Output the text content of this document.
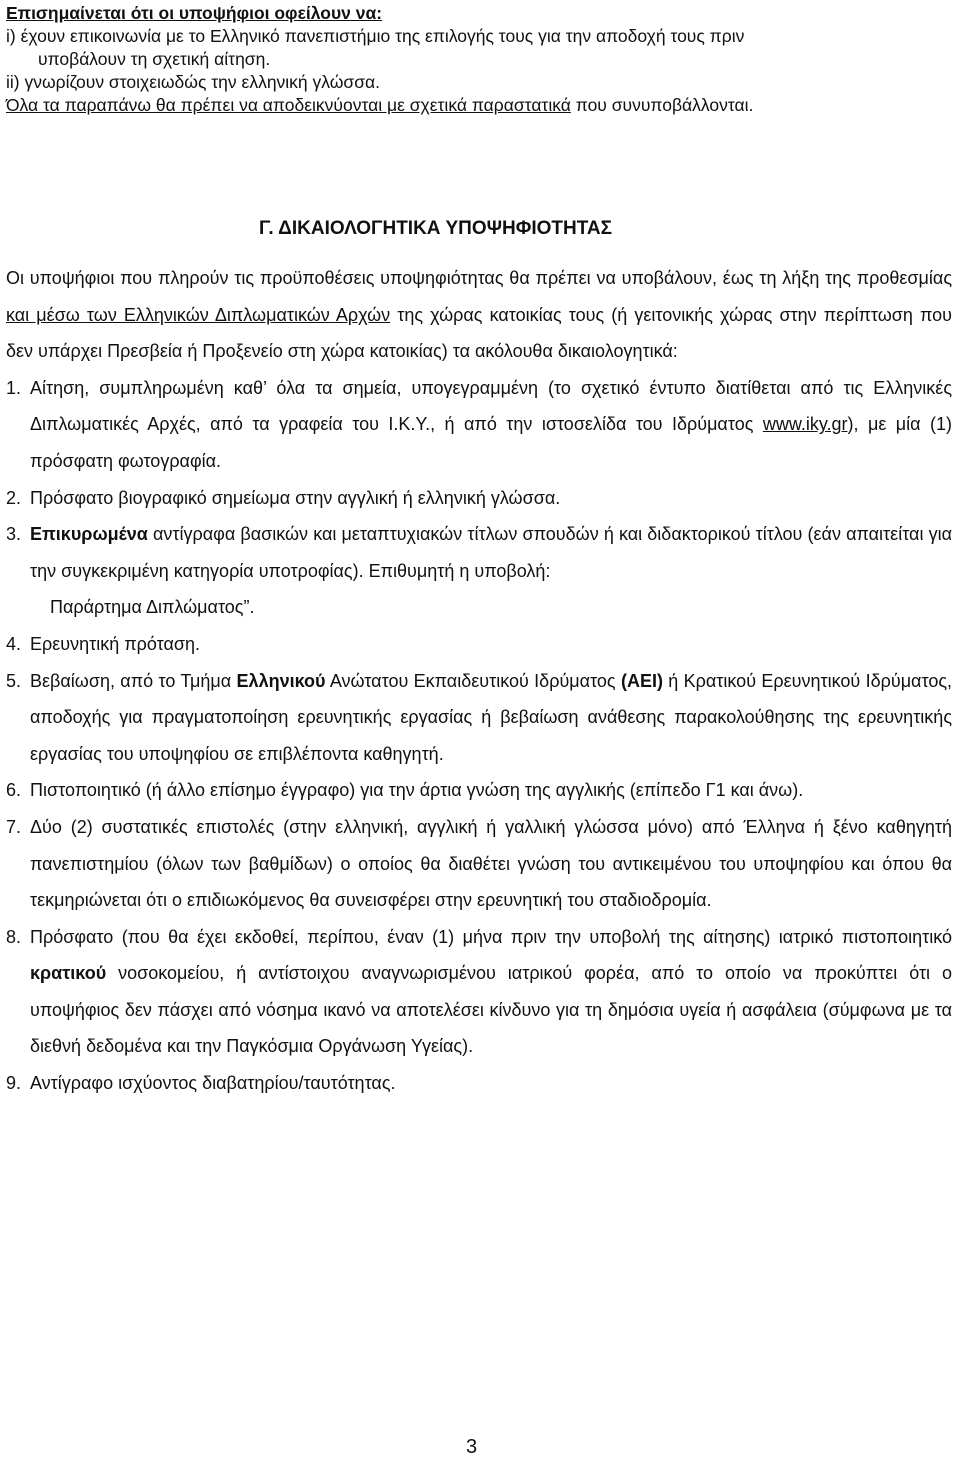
Επισημαίνεται ότι οι υποψήφιοι οφείλουν να:
i) έχουν επικοινωνία με το Ελληνικό πανεπιστήμιο της επιλογής τους για την αποδοχή τους πριν
υποβάλουν τη σχετική αίτηση.
ii) γνωρίζουν στοιχειωδώς την ελληνική γλώσσα.
Όλα τα παραπάνω θα πρέπει να αποδεικνύονται με σχετικά παραστατικά που συνυποβάλλονται.
Γ. ΔΙΚΑΙΟΛΟΓΗΤΙΚΑ ΥΠΟΨΗΦΙΟΤΗΤΑΣ
Οι υποψήφιοι που πληρούν τις προϋποθέσεις υποψηφιότητας θα πρέπει να υποβάλουν, έως τη λήξη της προθεσμίας και μέσω των Ελληνικών Διπλωματικών Αρχών της χώρας κατοικίας τους (ή γειτονικής χώρας στην περίπτωση που δεν υπάρχει Πρεσβεία ή Προξενείο στη χώρα κατοικίας) τα ακόλουθα δικαιολογητικά:
1. Αίτηση, συμπληρωμένη καθ’ όλα τα σημεία, υπογεγραμμένη (το σχετικό έντυπο διατίθεται από τις Ελληνικές Διπλωματικές Αρχές, από τα γραφεία του Ι.Κ.Υ., ή από την ιστοσελίδα του Ιδρύματος www.iky.gr), με μία (1) πρόσφατη φωτογραφία.
2. Πρόσφατο βιογραφικό σημείωμα στην αγγλική ή ελληνική γλώσσα.
3. Επικυρωμένα αντίγραφα βασικών και μεταπτυχιακών τίτλων σπουδών ή και διδακτορικού τίτλου (εάν απαιτείται για την συγκεκριμένη κατηγορία υποτροφίας). Επιθυμητή η υποβολή:
Παράρτημα Διπλώματος”.
4. Ερευνητική πρόταση.
5. Βεβαίωση, από το Τμήμα Ελληνικού Ανώτατου Εκπαιδευτικού Ιδρύματος (ΑΕΙ) ή Κρατικού Ερευνητικού Ιδρύματος, αποδοχής για πραγματοποίηση ερευνητικής εργασίας ή βεβαίωση ανάθεσης παρακολούθησης της ερευνητικής εργασίας του υποψηφίου σε επιβλέποντα καθηγητή.
6. Πιστοποιητικό (ή άλλο επίσημο έγγραφο) για την άρτια γνώση της αγγλικής (επίπεδο Γ1 και άνω).
7. Δύο (2) συστατικές επιστολές (στην ελληνική, αγγλική ή γαλλική γλώσσα μόνο) από Έλληνα ή ξένο καθηγητή πανεπιστημίου (όλων των βαθμίδων) ο οποίος θα διαθέτει γνώση του αντικειμένου του υποψηφίου και όπου θα τεκμηριώνεται ότι ο επιδιωκόμενος θα συνεισφέρει στην ερευνητική του σταδιοδρομία.
8. Πρόσφατο (που θα έχει εκδοθεί, περίπου, έναν (1) μήνα πριν την υποβολή της αίτησης) ιατρικό πιστοποιητικό κρατικού νοσοκομείου, ή αντίστοιχου αναγνωρισμένου ιατρικού φορέα, από το οποίο να προκύπτει ότι ο υποψήφιος δεν πάσχει από νόσημα ικανό να αποτελέσει κίνδυνο για τη δημόσια υγεία ή ασφάλεια (σύμφωνα με τα διεθνή δεδομένα και την Παγκόσμια Οργάνωση Υγείας).
9. Αντίγραφο ισχύοντος διαβατηρίου/ταυτότητας.
3
